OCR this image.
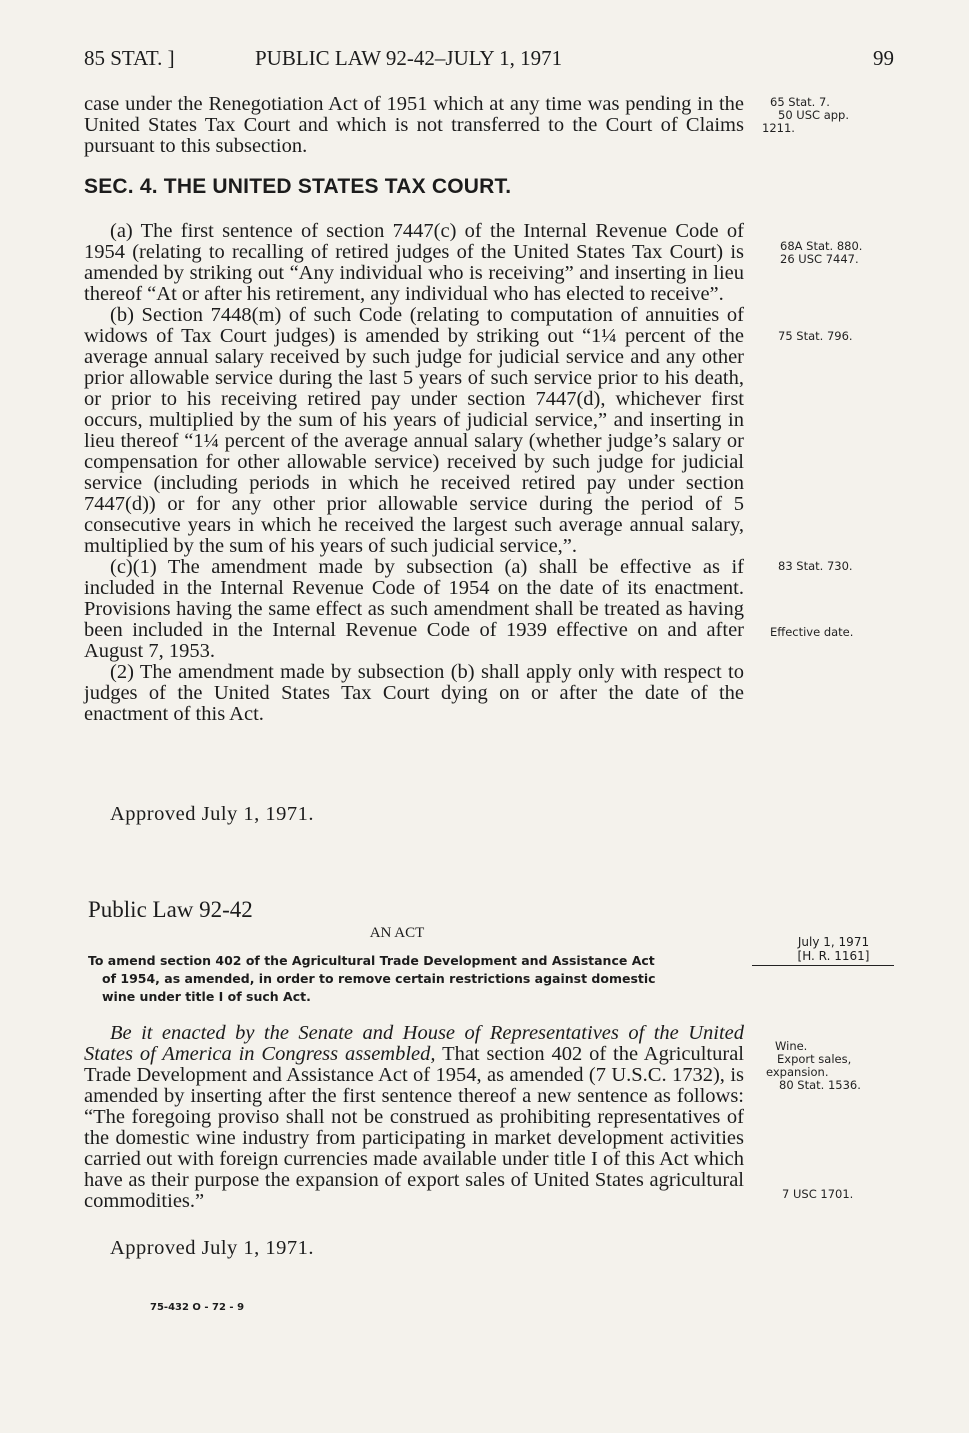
85 STAT. ]	PUBLIC LAW 92-42–JULY 1, 1971	99

case under the Renegotiation Act of 1951 which at any time was pending in the United States Tax Court and which is not transferred to the Court of Claims pursuant to this subsection.

SEC. 4. THE UNITED STATES TAX COURT.

(a) The first sentence of section 7447(c) of the Internal Revenue Code of 1954 (relating to recalling of retired judges of the United States Tax Court) is amended by striking out “Any individual who is receiving” and inserting in lieu thereof “At or after his retirement, any individual who has elected to receive”.

(b) Section 7448(m) of such Code (relating to computation of annuities of widows of Tax Court judges) is amended by striking out “1¼ percent of the average annual salary received by such judge for judicial service and any other prior allowable service during the last 5 years of such service prior to his death, or prior to his receiving retired pay under section 7447(d), whichever first occurs, multiplied by the sum of his years of judicial service,” and inserting in lieu thereof “1¼ percent of the average annual salary (whether judge’s salary or compensation for other allowable service) received by such judge for judicial service (including periods in which he received retired pay under section 7447(d)) or for any other prior allowable service during the period of 5 consecutive years in which he received the largest such average annual salary, multiplied by the sum of his years of such judicial service,”.

(c)(1) The amendment made by subsection (a) shall be effective as if included in the Internal Revenue Code of 1954 on the date of its enactment. Provisions having the same effect as such amendment shall be treated as having been included in the Internal Revenue Code of 1939 effective on and after August 7, 1953.

(2) The amendment made by subsection (b) shall apply only with respect to judges of the United States Tax Court dying on or after the date of the enactment of this Act.

Approved July 1, 1971.
65 Stat. 7.
50 USC app.
1211.
68A Stat. 880.
26 USC 7447.
75 Stat. 796.
83 Stat. 730.
Effective date.
Public Law 92-42
AN ACT
July 1, 1971
[H. R. 1161]
To amend section 402 of the Agricultural Trade Development and Assistance Act
of 1954, as amended, in order to remove certain restrictions against domestic
wine under title I of such Act.

Be it enacted by the Senate and House of Representatives of the United States of America in Congress assembled, That section 402 of the Agricultural Trade Development and Assistance Act of 1954, as amended (7 U.S.C. 1732), is amended by inserting after the first sentence thereof a new sentence as follows: “The foregoing proviso shall not be construed as prohibiting representatives of the domestic wine industry from participating in market development activities carried out with foreign currencies made available under title I of this Act which have as their purpose the expansion of export sales of United States agricultural commodities.”

Approved July 1, 1971.
Wine.
Export sales,
expansion.
80 Stat. 1536.
7 USC 1701.
75-432 O - 72 - 9
